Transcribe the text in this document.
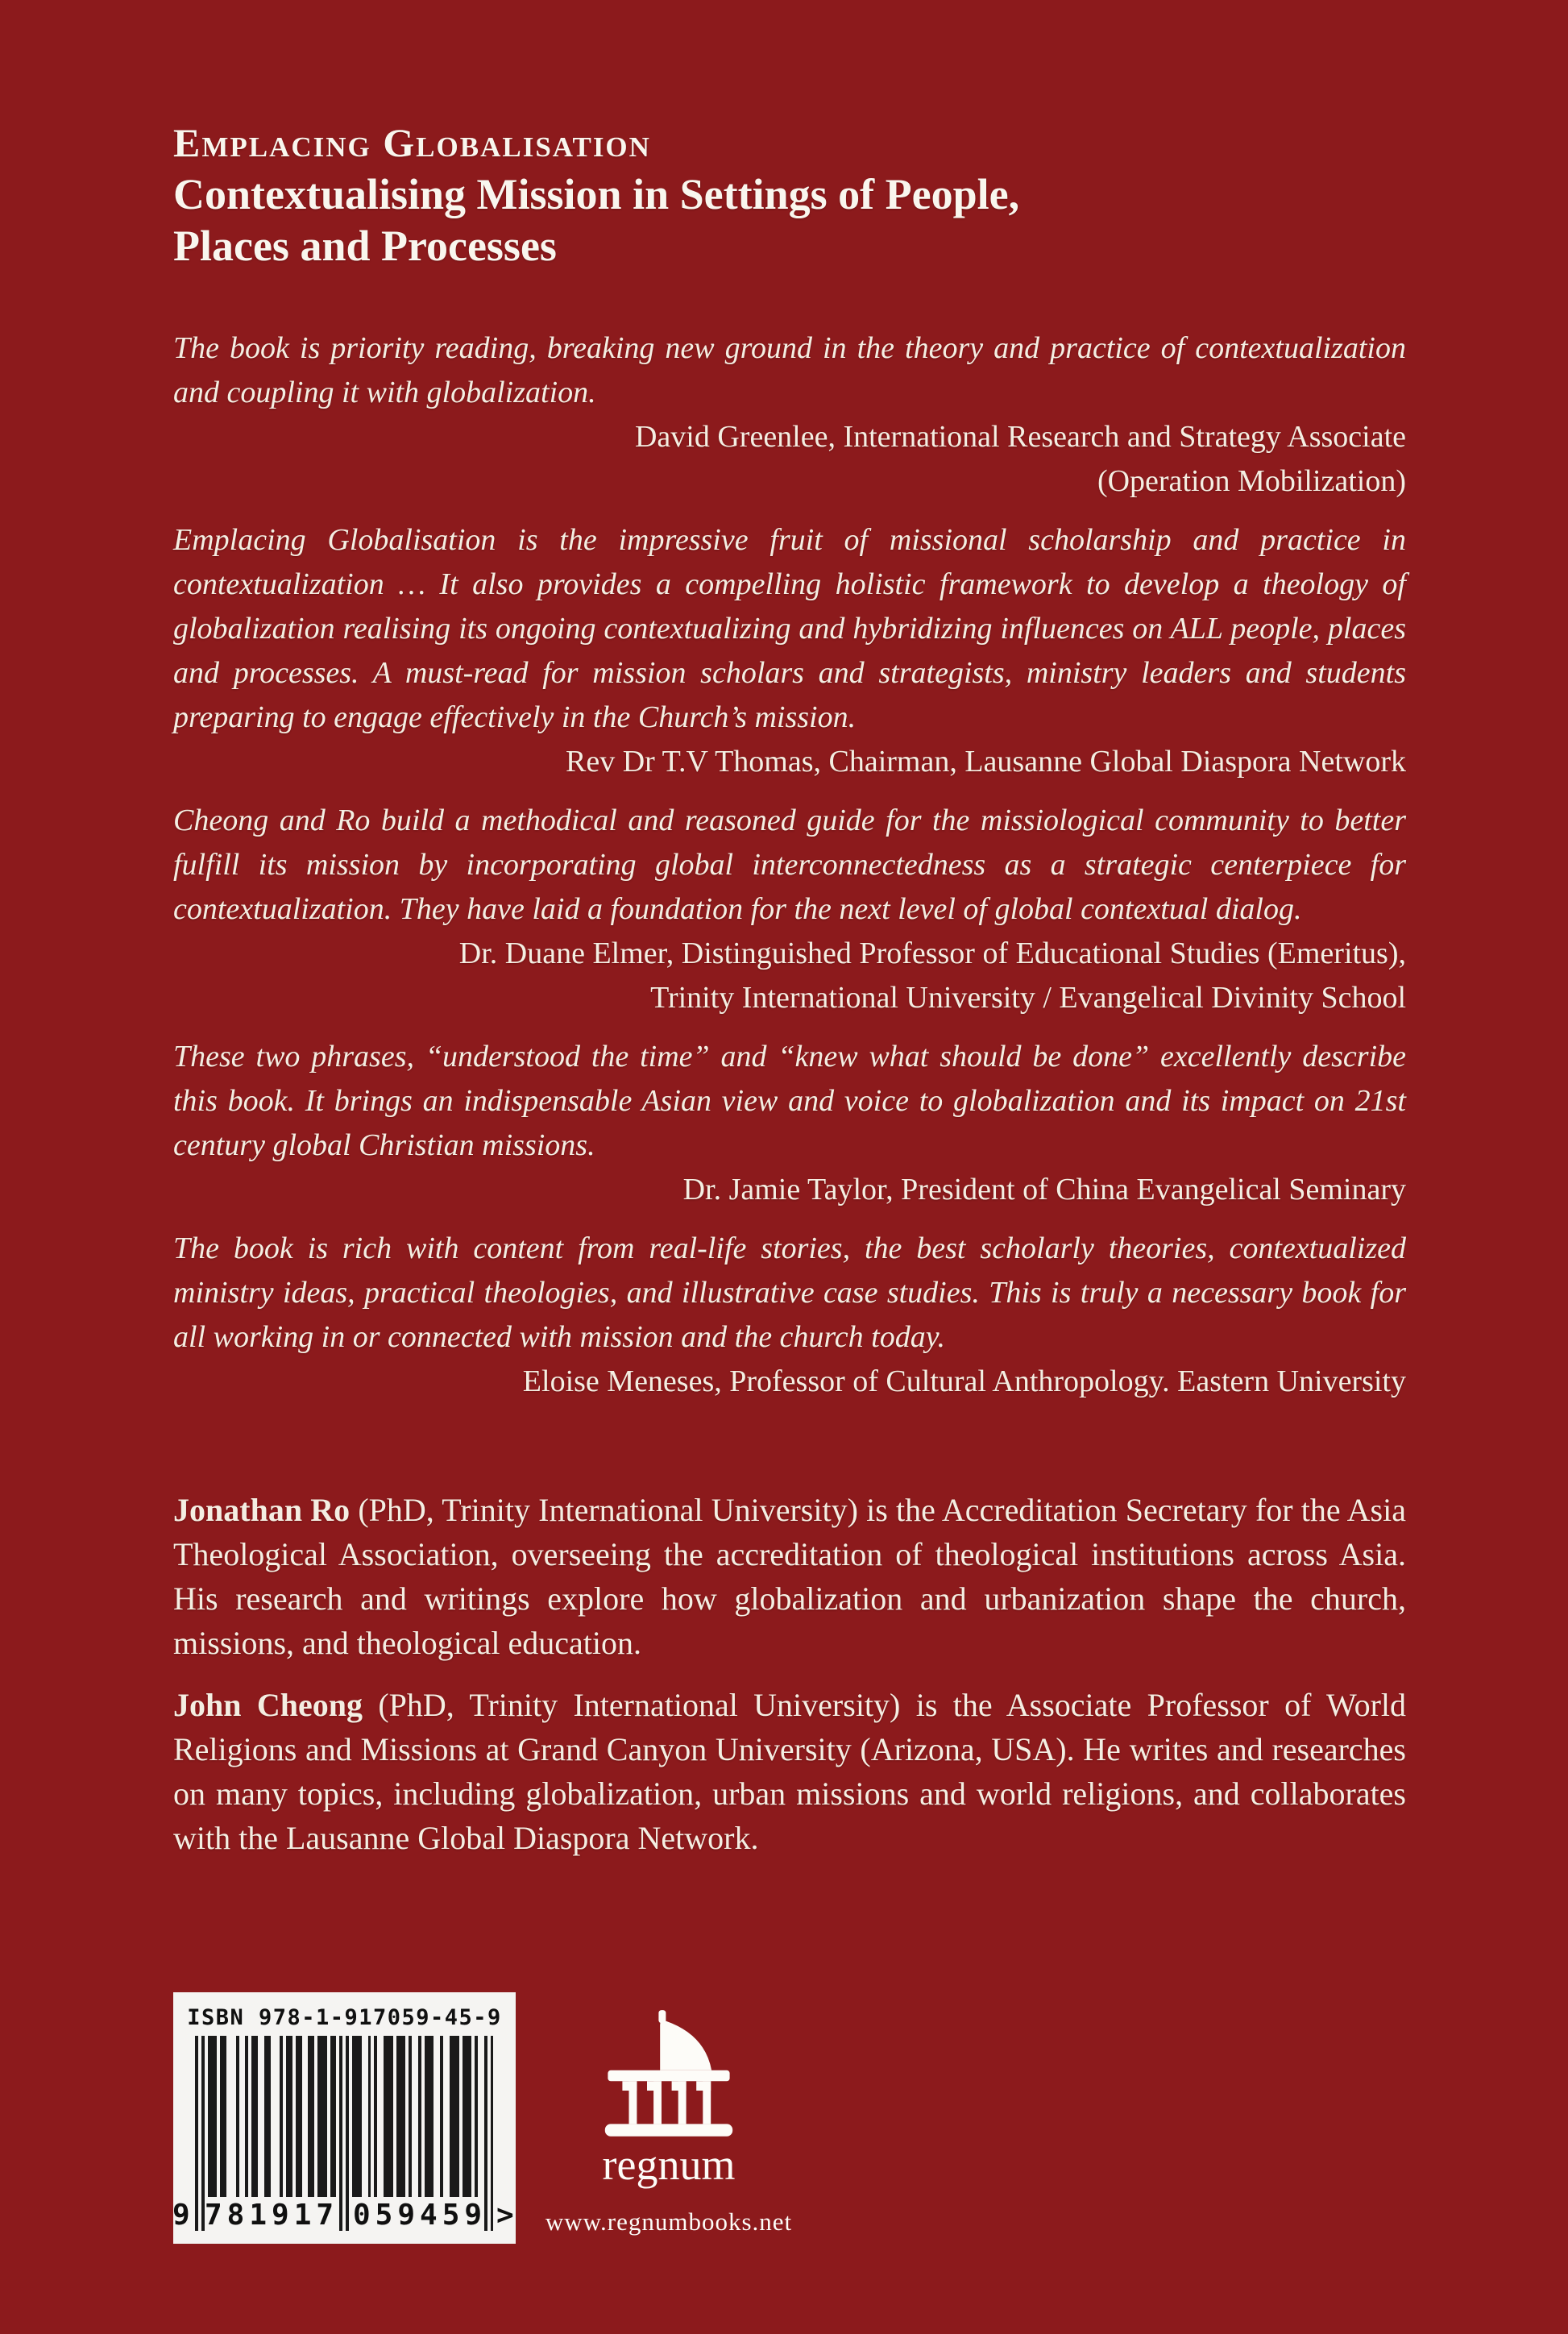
Emplacing Globalisation
Contextualising Mission in Settings of People,
Places and Processes

The book is priority reading, breaking new ground in the theory and practice of contextualization and coupling it with globalization.

David Greenlee, International Research and Strategy Associate
(Operation Mobilization)

Emplacing Globalisation is the impressive fruit of missional scholarship and practice in contextualization … It also provides a compelling holistic framework to develop a theology of globalization realising its ongoing contextualizing and hybridizing influences on ALL people, places and processes. A must-read for mission scholars and strategists, ministry leaders and students preparing to engage effectively in the Church’s mission.

Rev Dr T.V Thomas, Chairman, Lausanne Global Diaspora Network

Cheong and Ro build a methodical and reasoned guide for the missiological community to better fulfill its mission by incorporating global interconnectedness as a strategic centerpiece for contextualization. They have laid a foundation for the next level of global contextual dialog.

Dr. Duane Elmer, Distinguished Professor of Educational Studies (Emeritus),
Trinity International University / Evangelical Divinity School

These two phrases, “understood the time” and “knew what should be done” excellently describe this book. It brings an indispensable Asian view and voice to globalization and its impact on 21st century global Christian missions.

Dr. Jamie Taylor, President of China Evangelical Seminary

The book is rich with content from real-life stories, the best scholarly theories, contextualized ministry ideas, practical theologies, and illustrative case studies. This is truly a necessary book for all working in or connected with mission and the church today.

Eloise Meneses, Professor of Cultural Anthropology. Eastern University

Jonathan Ro (PhD, Trinity International University) is the Accreditation Secretary for the Asia Theological Association, overseeing the accreditation of theological institutions across Asia. His research and writings explore how globalization and urbanization shape the church, missions, and theological education.

John Cheong (PhD, Trinity International University) is the Associate Professor of World Religions and Missions at Grand Canyon University (Arizona, USA). He writes and researches on many topics, including globalization, urban missions and world religions, and collaborates with the Lausanne Global Diaspora Network.

ISBN 978-1-917059-45-9
9 781917 059459 >
regnum
www.regnumbooks.net
